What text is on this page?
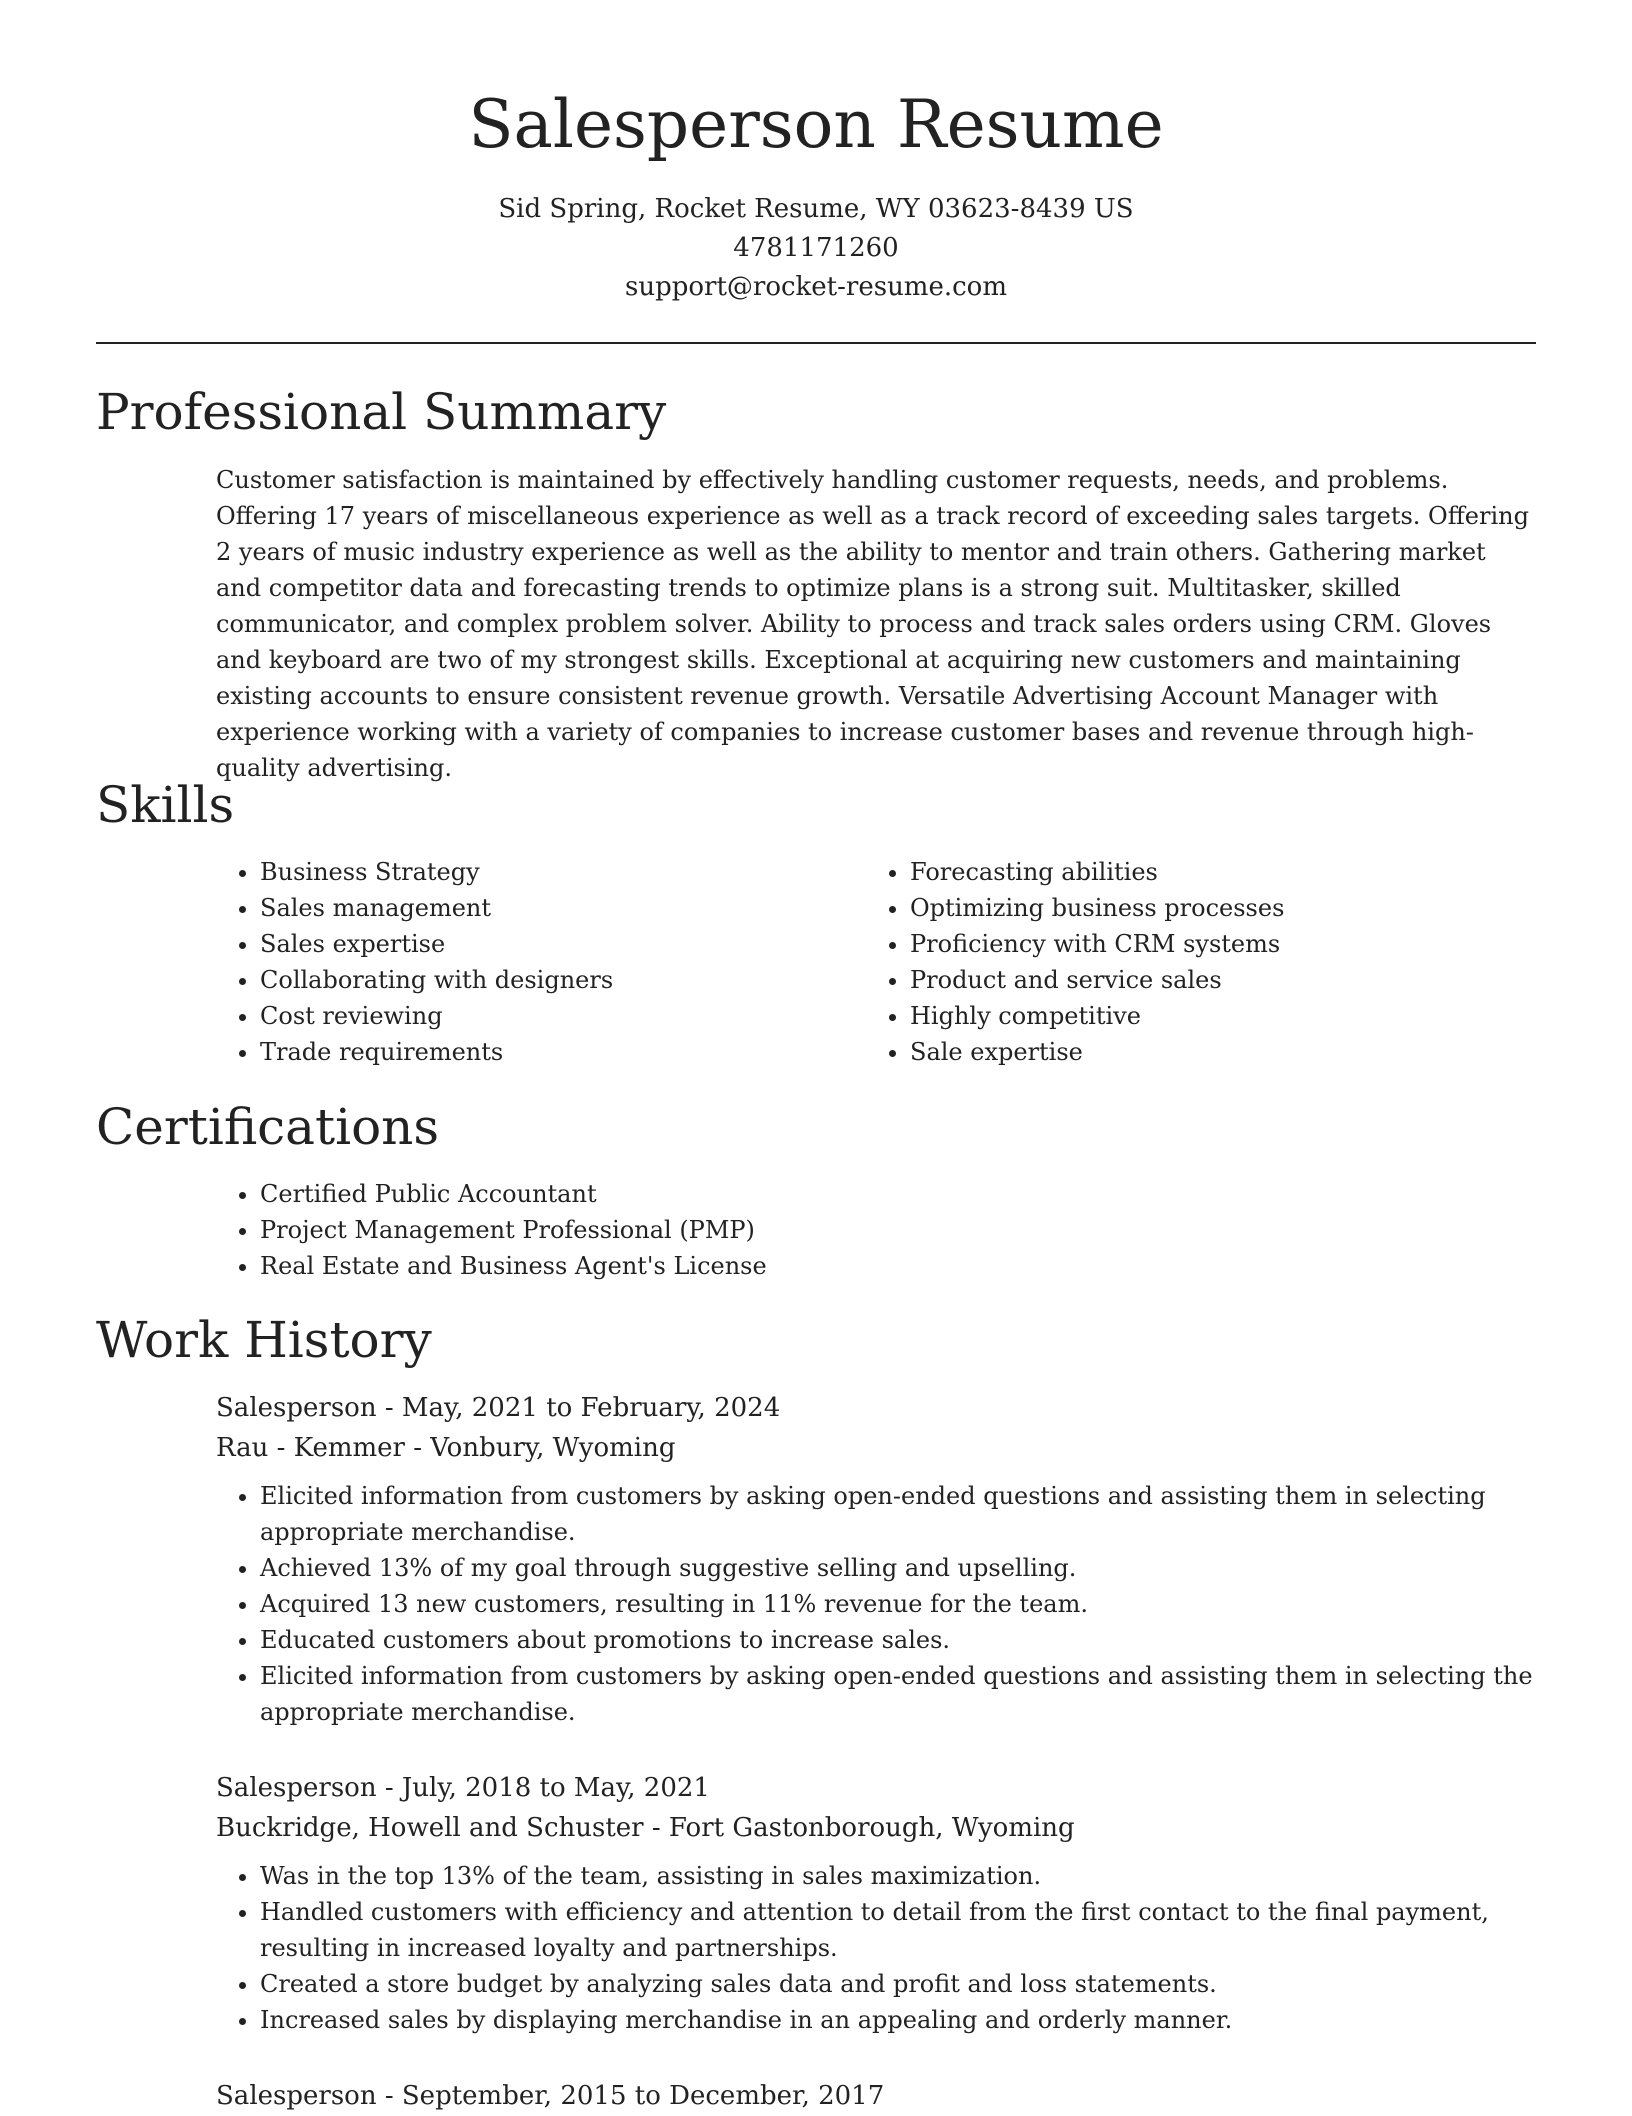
Salesperson Resume
Sid Spring, Rocket Resume, WY 03623-8439 US
4781171260
support@rocket-resume.com
Professional Summary

Customer satisfaction is maintained by effectively handling customer requests, needs, and problems. Offering 17 years of miscellaneous experience as well as a track record of exceeding sales targets. Offering 2 years of music industry experience as well as the ability to mentor and train others. Gathering market and competitor data and forecasting trends to optimize plans is a strong suit. Multitasker, skilled communicator, and complex problem solver. Ability to process and track sales orders using CRM. Gloves and keyboard are two of my strongest skills. Exceptional at acquiring new customers and maintaining existing accounts to ensure consistent revenue growth. Versatile Advertising Account Manager with experience working with a variety of companies to increase customer bases and revenue through high-quality advertising.

Skills
• Business Strategy
• Sales management
• Sales expertise
• Collaborating with designers
• Cost reviewing
• Trade requirements
• Forecasting abilities
• Optimizing business processes
• Proficiency with CRM systems
• Product and service sales
• Highly competitive
• Sale expertise
Certifications
• Certified Public Accountant
• Project Management Professional (PMP)
• Real Estate and Business Agent's License
Work History
Salesperson - May, 2021 to February, 2024
Rau - Kemmer - Vonbury, Wyoming
• Elicited information from customers by asking open-ended questions and assisting them in selecting appropriate merchandise.
• Achieved 13% of my goal through suggestive selling and upselling.
• Acquired 13 new customers, resulting in 11% revenue for the team.
• Educated customers about promotions to increase sales.
• Elicited information from customers by asking open-ended questions and assisting them in selecting the appropriate merchandise.
Salesperson - July, 2018 to May, 2021
Buckridge, Howell and Schuster - Fort Gastonborough, Wyoming
• Was in the top 13% of the team, assisting in sales maximization.
• Handled customers with efficiency and attention to detail from the first contact to the final payment, resulting in increased loyalty and partnerships.
• Created a store budget by analyzing sales data and profit and loss statements.
• Increased sales by displaying merchandise in an appealing and orderly manner.
Salesperson - September, 2015 to December, 2017
